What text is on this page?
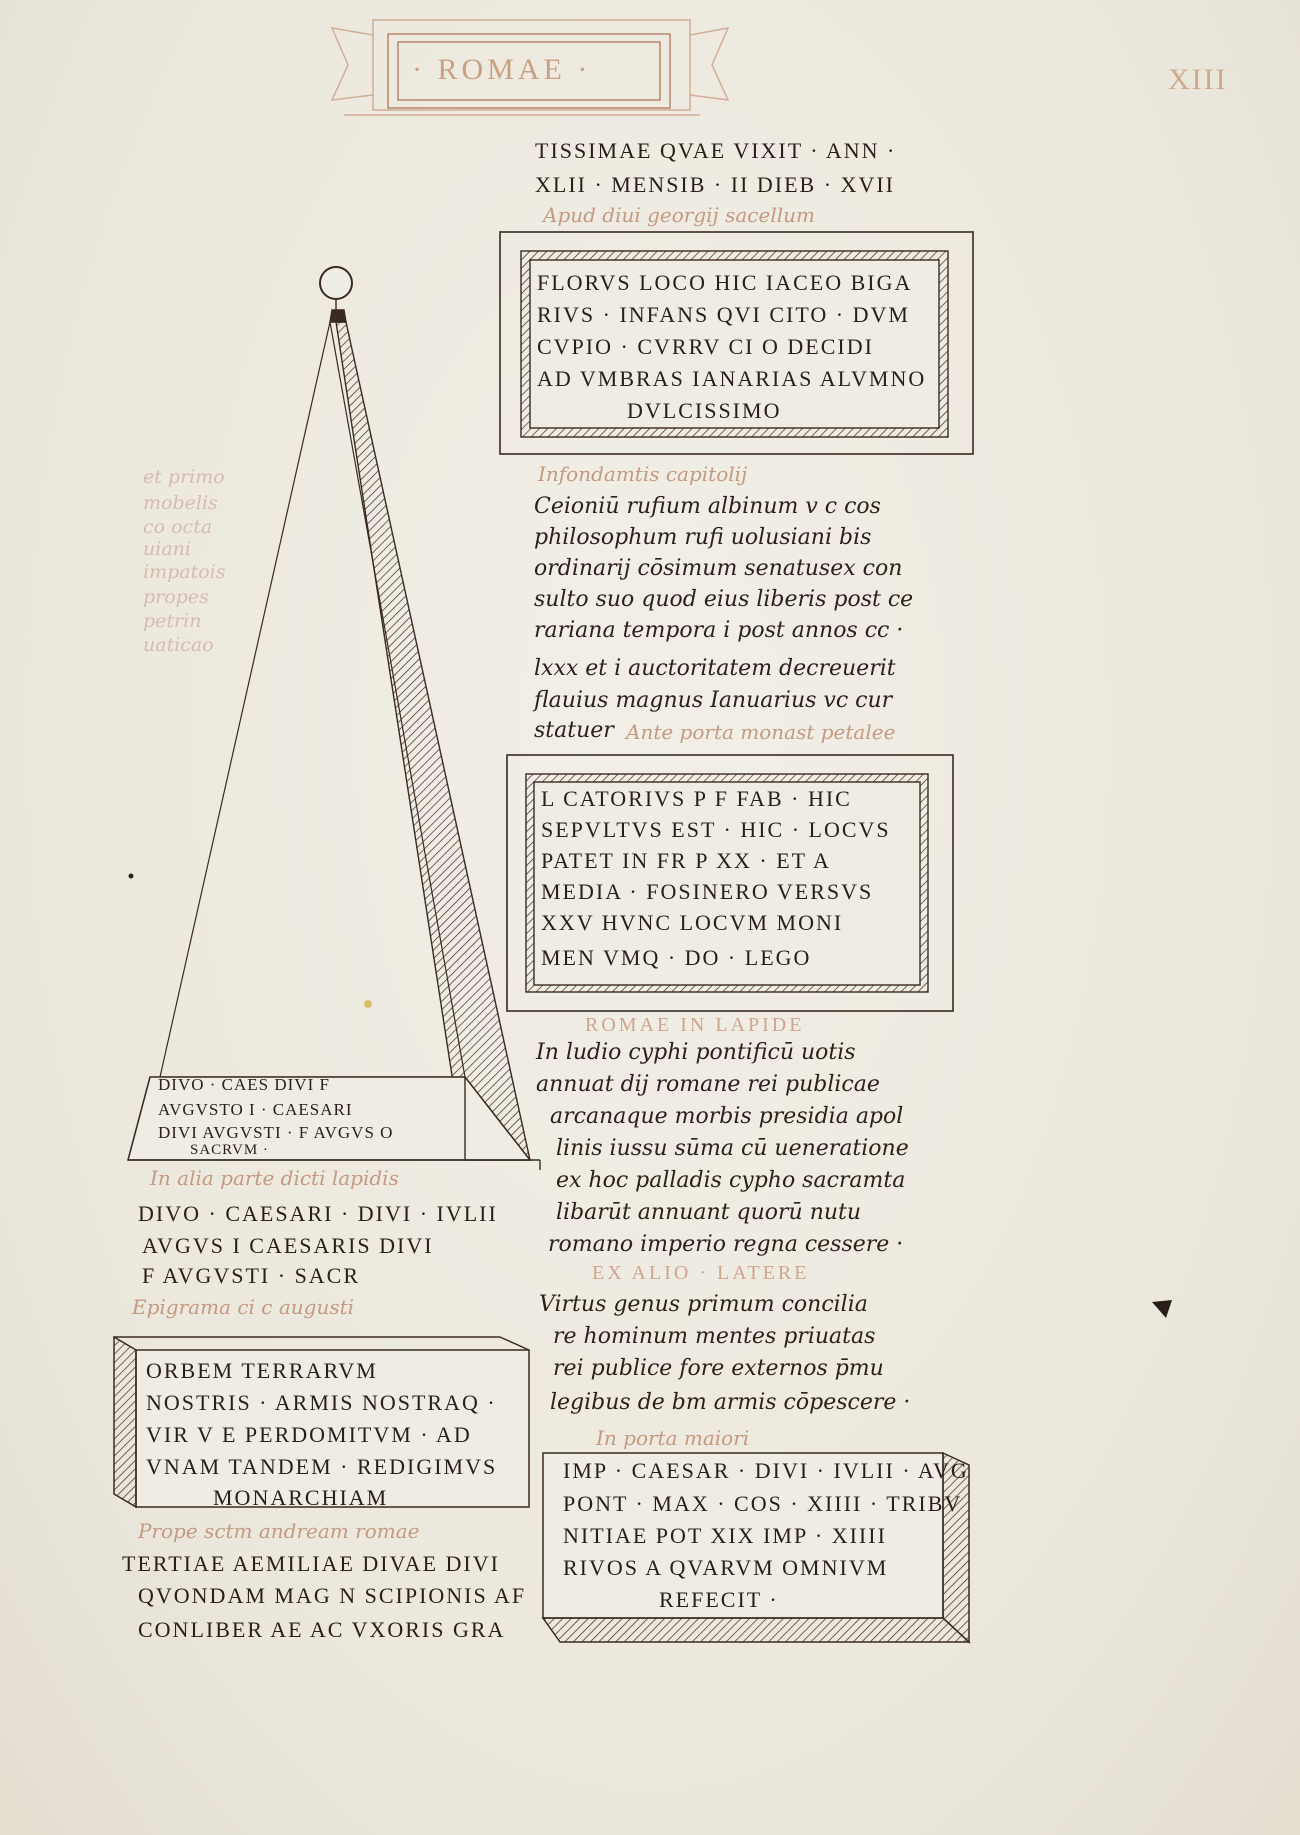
· ROMAE ·	XIII
TISSIMAE QVAE VIXIT · ANN ·
XLII · MENSIB · II DIEB · XVII
Apud diui georgij sacellum
FLORVS LOCO HIC IACEO BIGA
RIVS · INFANS QVI CITO · DVM
CVPIO · CVRRV CI O DECIDI
AD VMBRAS IANARIAS ALVMNO
DVLCISSIMO
Infondamtis capitolij
Ceioniū rufium albinum v c cos
philosophum rufi uolusiani bis
ordinarij cōsimum senatusex con
sulto suo quod eius liberis post ce
rariana tempora i post annos cc ·
lxxx et i auctoritatem decreuerit
flauius magnus Ianuarius vc cur
statuer Ante porta monast petalee
L CATORIVS P F FAB · HIC
SEPVLTVS EST · HIC · LOCVS
PATET IN FR P XX · ET A
MEDIA · FOSINERO VERSVS
XXV HVNC LOCVM MONI
MEN VMQ · DO · LEGO
ROMAE IN LAPIDE
In ludio cyphi pontificū uotis
annuat dij romane rei publicae
arcanaque morbis presidia apol
linis iussu sūma cū ueneratione
ex hoc palladis cypho sacramta
libarūt annuant quorū nutu
romano imperio regna cessere ·
EX ALIO · LATERE
Virtus genus primum concilia
re hominum mentes priuatas
rei publice fore externos p̄mu
legibus de bm armis cōpescere ·
In porta maiori
IMP · CAESAR · DIVI · IVLII · AVG
PONT · MAX · COS · XIIII · TRIBV
NITIAE POT XIX IMP · XIIII
RIVOS A QVARVM OMNIVM
REFECIT ·
et primo
mobelis
co octa
uiani
impatois
propes
petrin
uaticao
DIVO · CAES DIVI F
AVGVSTO I · CAESARI
DIVI AVGVSTI · F AVGVS O
SACRVM ·
In alia parte dicti lapidis
DIVO · CAESARI · DIVI · IVLII
AVGVS I CAESARIS DIVI
F AVGVSTI · SACR
Epigrama ci c augusti
ORBEM TERRARVM
NOSTRIS · ARMIS NOSTRAQ ·
VIR V E PERDOMITVM · AD
VNAM TANDEM · REDIGIMVS
MONARCHIAM
Prope sctm andream romae
TERTIAE AEMILIAE DIVAE DIVI
QVONDAM MAG N SCIPIONIS AF
CONLIBER AE AC VXORIS GRA
